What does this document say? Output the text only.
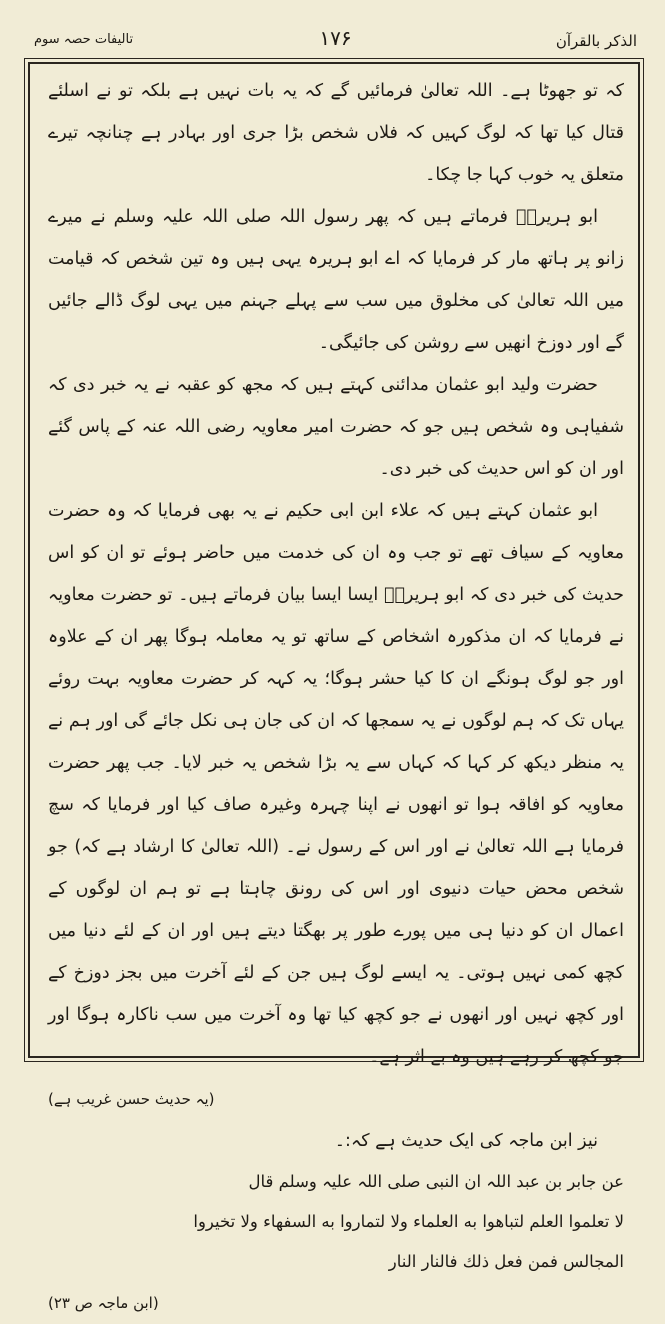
الذکر بالقرآن
۱۷۶
تالیفات حصہ سوم

کہ تو جھوٹا ہے۔ اللہ تعالیٰ فرمائیں گے کہ یہ بات نہیں ہے بلکہ تو نے اسلئے قتال کیا تھا کہ لوگ کہیں کہ فلاں شخص بڑا جری اور بہادر ہے چنانچہ تیرے متعلق یہ خوب کہا جا چکا۔

ابو ہریرہؓ فرماتے ہیں کہ پھر رسول اللہ صلی اللہ علیہ وسلم نے میرے زانو پر ہاتھ مار کر فرمایا کہ اے ابو ہریرہ یہی ہیں وہ تین شخص کہ قیامت میں اللہ تعالیٰ کی مخلوق میں سب سے پہلے جہنم میں یہی لوگ ڈالے جائیں گے اور دوزخ انھیں سے روشن کی جائیگی۔

حضرت ولید ابو عثمان مدائنی کہتے ہیں کہ مجھ کو عقبہ نے یہ خبر دی کہ شفیاہی وہ شخص ہیں جو کہ حضرت امیر معاویہ رضی اللہ عنہ کے پاس گئے اور ان کو اس حدیث کی خبر دی۔

ابو عثمان کہتے ہیں کہ علاء ابن ابی حکیم نے یہ بھی فرمایا کہ وہ حضرت معاویہ کے سیاف تھے تو جب وہ ان کی خدمت میں حاضر ہوئے تو ان کو اس حدیث کی خبر دی کہ ابو ہریرہؓ ایسا ایسا بیان فرماتے ہیں۔ تو حضرت معاویہ نے فرمایا کہ ان مذکورہ اشخاص کے ساتھ تو یہ معاملہ ہوگا پھر ان کے علاوہ اور جو لوگ ہونگے ان کا کیا حشر ہوگا؛ یہ کہہ کر حضرت معاویہ بہت روئے یہاں تک کہ ہم لوگوں نے یہ سمجھا کہ ان کی جان ہی نکل جائے گی اور ہم نے یہ منظر دیکھ کر کہا کہ کہاں سے یہ بڑا شخص یہ خبر لایا۔ جب پھر حضرت معاویہ کو افاقہ ہوا تو انھوں نے اپنا چہرہ وغیرہ صاف کیا اور فرمایا کہ سچ فرمایا ہے اللہ تعالیٰ نے اور اس کے رسول نے۔ (اللہ تعالیٰ کا ارشاد ہے کہ) جو شخص محض حیات دنیوی اور اس کی رونق چاہتا ہے تو ہم ان لوگوں کے اعمال ان کو دنیا ہی میں پورے طور پر بھگتا دیتے ہیں اور ان کے لئے دنیا میں کچھ کمی نہیں ہوتی۔ یہ ایسے لوگ ہیں جن کے لئے آخرت میں بجز دوزخ کے اور کچھ نہیں اور انھوں نے جو کچھ کیا تھا وہ آخرت میں سب ناکارہ ہوگا اور جو کچھ کر رہے ہیں وہ بے اثر ہے۔

(یہ حدیث حسن غریب ہے)

نیز ابن ماجہ کی ایک حدیث ہے کہ:۔

عن جابر بن عبد اللہ ان النبی صلی اللہ علیہ وسلم قال

لا تعلموا العلم لتباهوا به العلماء ولا لتماروا به السفهاء ولا تخيروا

المجالس فمن فعل ذلك فالنار النار

(ابن ماجہ ص ۲۳)
